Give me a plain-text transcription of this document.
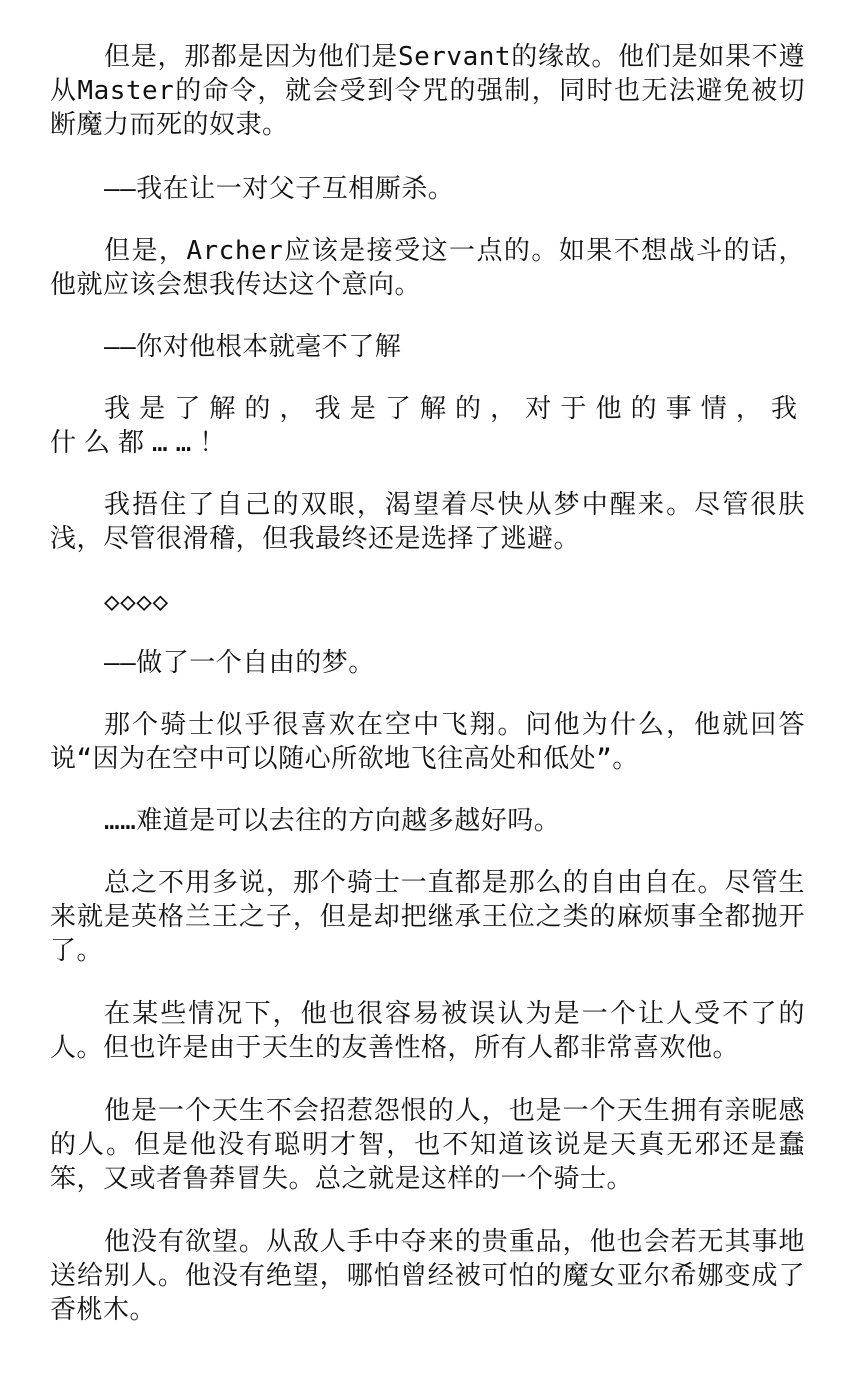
但是，那都是因为他们是Servant的缘故。他们是如果不遵从Master的命令，就会受到令咒的强制，同时也无法避免被切断魔力而死的奴隶。

——我在让一对父子互相厮杀。

但是，Archer应该是接受这一点的。如果不想战斗的话，他就应该会想我传达这个意向。

——你对他根本就毫不了解

我是了解的，我是了解的，对于他的事情，我什么都……！

我捂住了自己的双眼，渴望着尽快从梦中醒来。尽管很肤浅，尽管很滑稽，但我最终还是选择了逃避。

◇◇◇◇

——做了一个自由的梦。

那个骑士似乎很喜欢在空中飞翔。问他为什么，他就回答说“因为在空中可以随心所欲地飞往高处和低处”。

……难道是可以去往的方向越多越好吗。

总之不用多说，那个骑士一直都是那么的自由自在。尽管生来就是英格兰王之子，但是却把继承王位之类的麻烦事全都抛开了。

在某些情况下，他也很容易被误认为是一个让人受不了的人。但也许是由于天生的友善性格，所有人都非常喜欢他。

他是一个天生不会招惹怨恨的人，也是一个天生拥有亲昵感的人。但是他没有聪明才智，也不知道该说是天真无邪还是蠢笨，又或者鲁莽冒失。总之就是这样的一个骑士。

他没有欲望。从敌人手中夺来的贵重品，他也会若无其事地送给别人。他没有绝望，哪怕曾经被可怕的魔女亚尔希娜变成了香桃木。
